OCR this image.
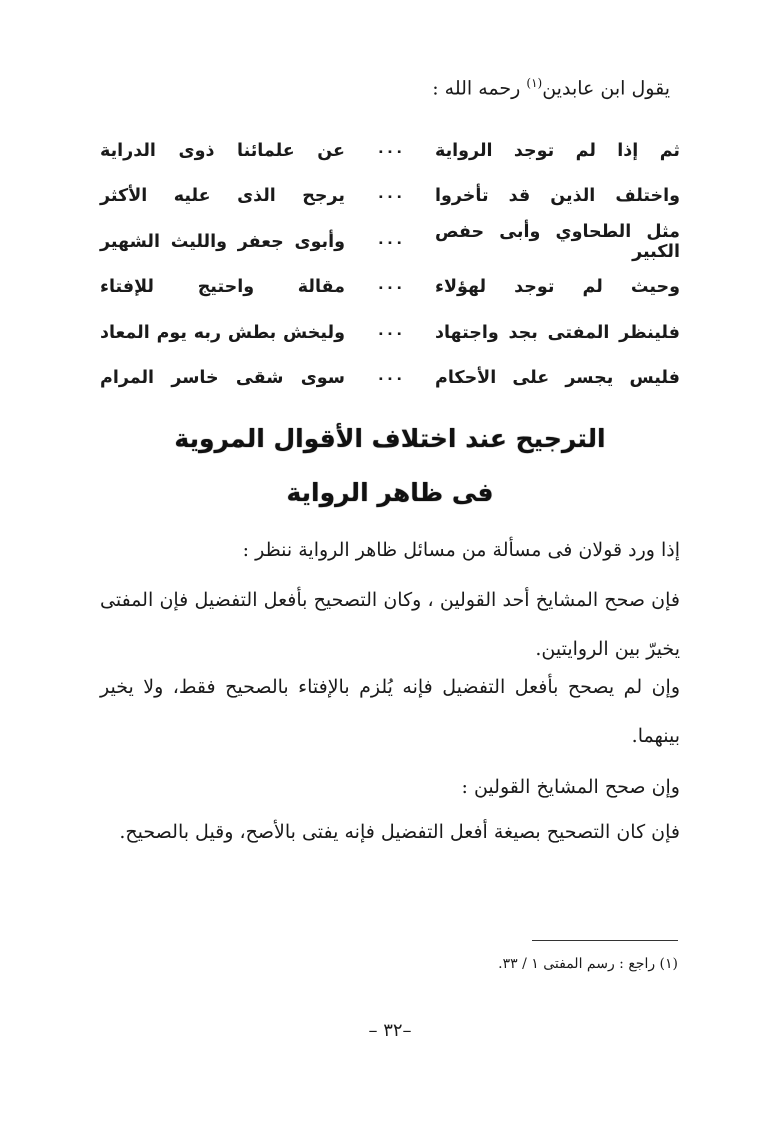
يقول ابن عابدين$^{(١)}$ رحمه الله :
ثم إذا لم توجد الرواية
٠٠٠
عن علمائنا ذوى الدراية
واختلف الذين قد تأخروا
٠٠٠
يرجح الذى عليه الأكثر
مثل الطحاوي وأبى حفص الكبير
٠٠٠
وأبوى جعفر والليث الشهير
وحيث لم توجد لهؤلاء
٠٠٠
مقالة واحتيج للإفتاء
فلينظر المفتى بجد واجتهاد
٠٠٠
وليخش بطش ربه يوم المعاد
فليس يجسر على الأحكام
٠٠٠
سوى شقى خاسر المرام
الترجيح عند اختلاف الأقوال المروية
فى ظاهر الرواية
إذا ورد قولان فى مسألة من مسائل ظاهر الرواية ننظر :
فإن صحح المشايخ أحد القولين ، وكان التصحيح بأفعل التفضيل فإن المفتى يخيرّ بين الروايتين.
وإن لم يصحح بأفعل التفضيل فإنه يُلزم بالإفتاء بالصحيح فقط، ولا يخير بينهما.
وإن صحح المشايخ القولين :
فإن كان التصحيح بصيغة أفعل التفضيل فإنه يفتى بالأصح، وقيل بالصحيح.
(١) راجع : رسم المفتى ١ / ٣٣.
–٣٢ –
